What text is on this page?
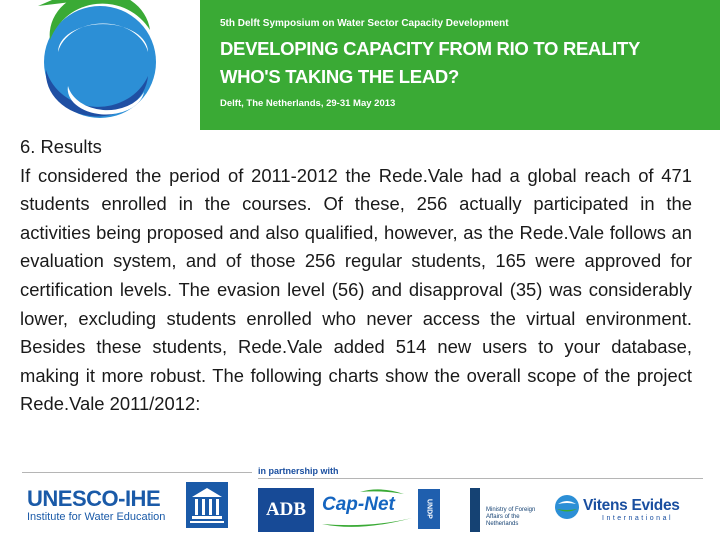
5th Delft Symposium on Water Sector Capacity Development
DEVELOPING CAPACITY FROM RIO TO REALITY
WHO'S TAKING THE LEAD?
Delft, The Netherlands, 29-31 May 2013

6. Results

If considered the period of 2011-2012 the Rede.Vale had a global reach of 471 students enrolled in the courses. Of these, 256 actually participated in the activities being proposed and also qualified, however, as the Rede.Vale follows an evaluation system, and of those 256 regular students, 165 were approved for certification levels. The evasion level (56) and disapproval (35) was considerably lower, excluding students enrolled who never access the virtual environment. Besides these students, Rede.Vale added 514 new users to your database, making it more robust. The following charts show the overall scope of the project Rede.Vale 2011/2012:

in partnership with
UNESCO-IHE
Institute for Water Education	ADB Cap-Net	UNDP	Ministry of Foreign Affairs of the Netherlands
Vitens Evides
International
